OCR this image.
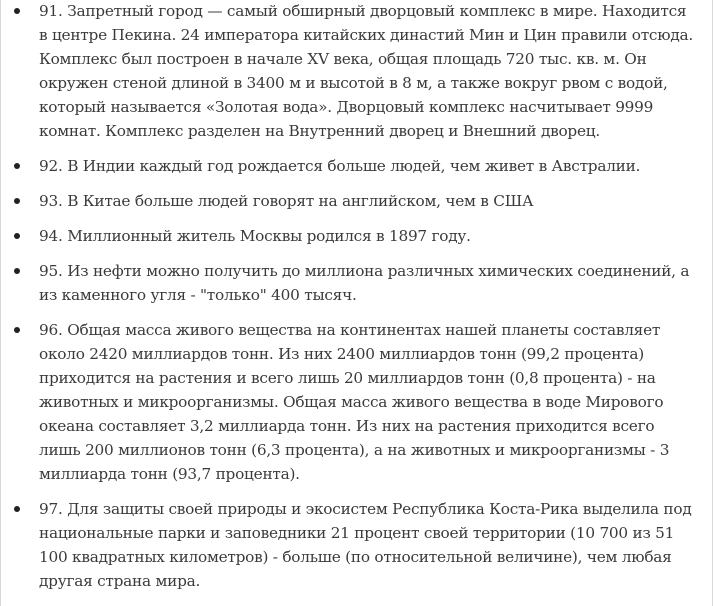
91. Запретный город — самый обширный дворцовый комплекс в мире. Находится в центре Пекина. 24 императора китайских династий Мин и Цин правили отсюда. Комплекс был построен в начале XV века, общая площадь 720 тыс. кв. м. Он окружен стеной длиной в 3400 м и высотой в 8 м, а также вокруг рвом с водой, который называется «Золотая вода». Дворцовый комплекс насчитывает 9999 комнат. Комплекс разделен на Внутренний дворец и Внешний дворец.
92. В Индии каждый год рождается больше людей, чем живет в Австралии.
93. В Китае больше людей говорят на английском, чем в США
94. Миллионный житель Москвы родился в 1897 году.
95. Из нефти можно получить до миллиона различных химических соединений, а из каменного угля - "только" 400 тысяч.
96. Общая масса живого вещества на континентах нашей планеты составляет около 2420 миллиардов тонн. Из них 2400 миллиардов тонн (99,2 процента) приходится на растения и всего лишь 20 миллиардов тонн (0,8 процента) - на животных и микроорганизмы. Общая масса живого вещества в воде Мирового океана составляет 3,2 миллиарда тонн. Из них на растения приходится всего лишь 200 миллионов тонн (6,3 процента), а на животных и микроорганизмы - 3 миллиарда тонн (93,7 процента).
97. Для защиты своей природы и экосистем Республика Коста-Рика выделила под национальные парки и заповедники 21 процент своей территории (10 700 из 51 100 квадратных километров) - больше (по относительной величине), чем любая другая страна мира.
